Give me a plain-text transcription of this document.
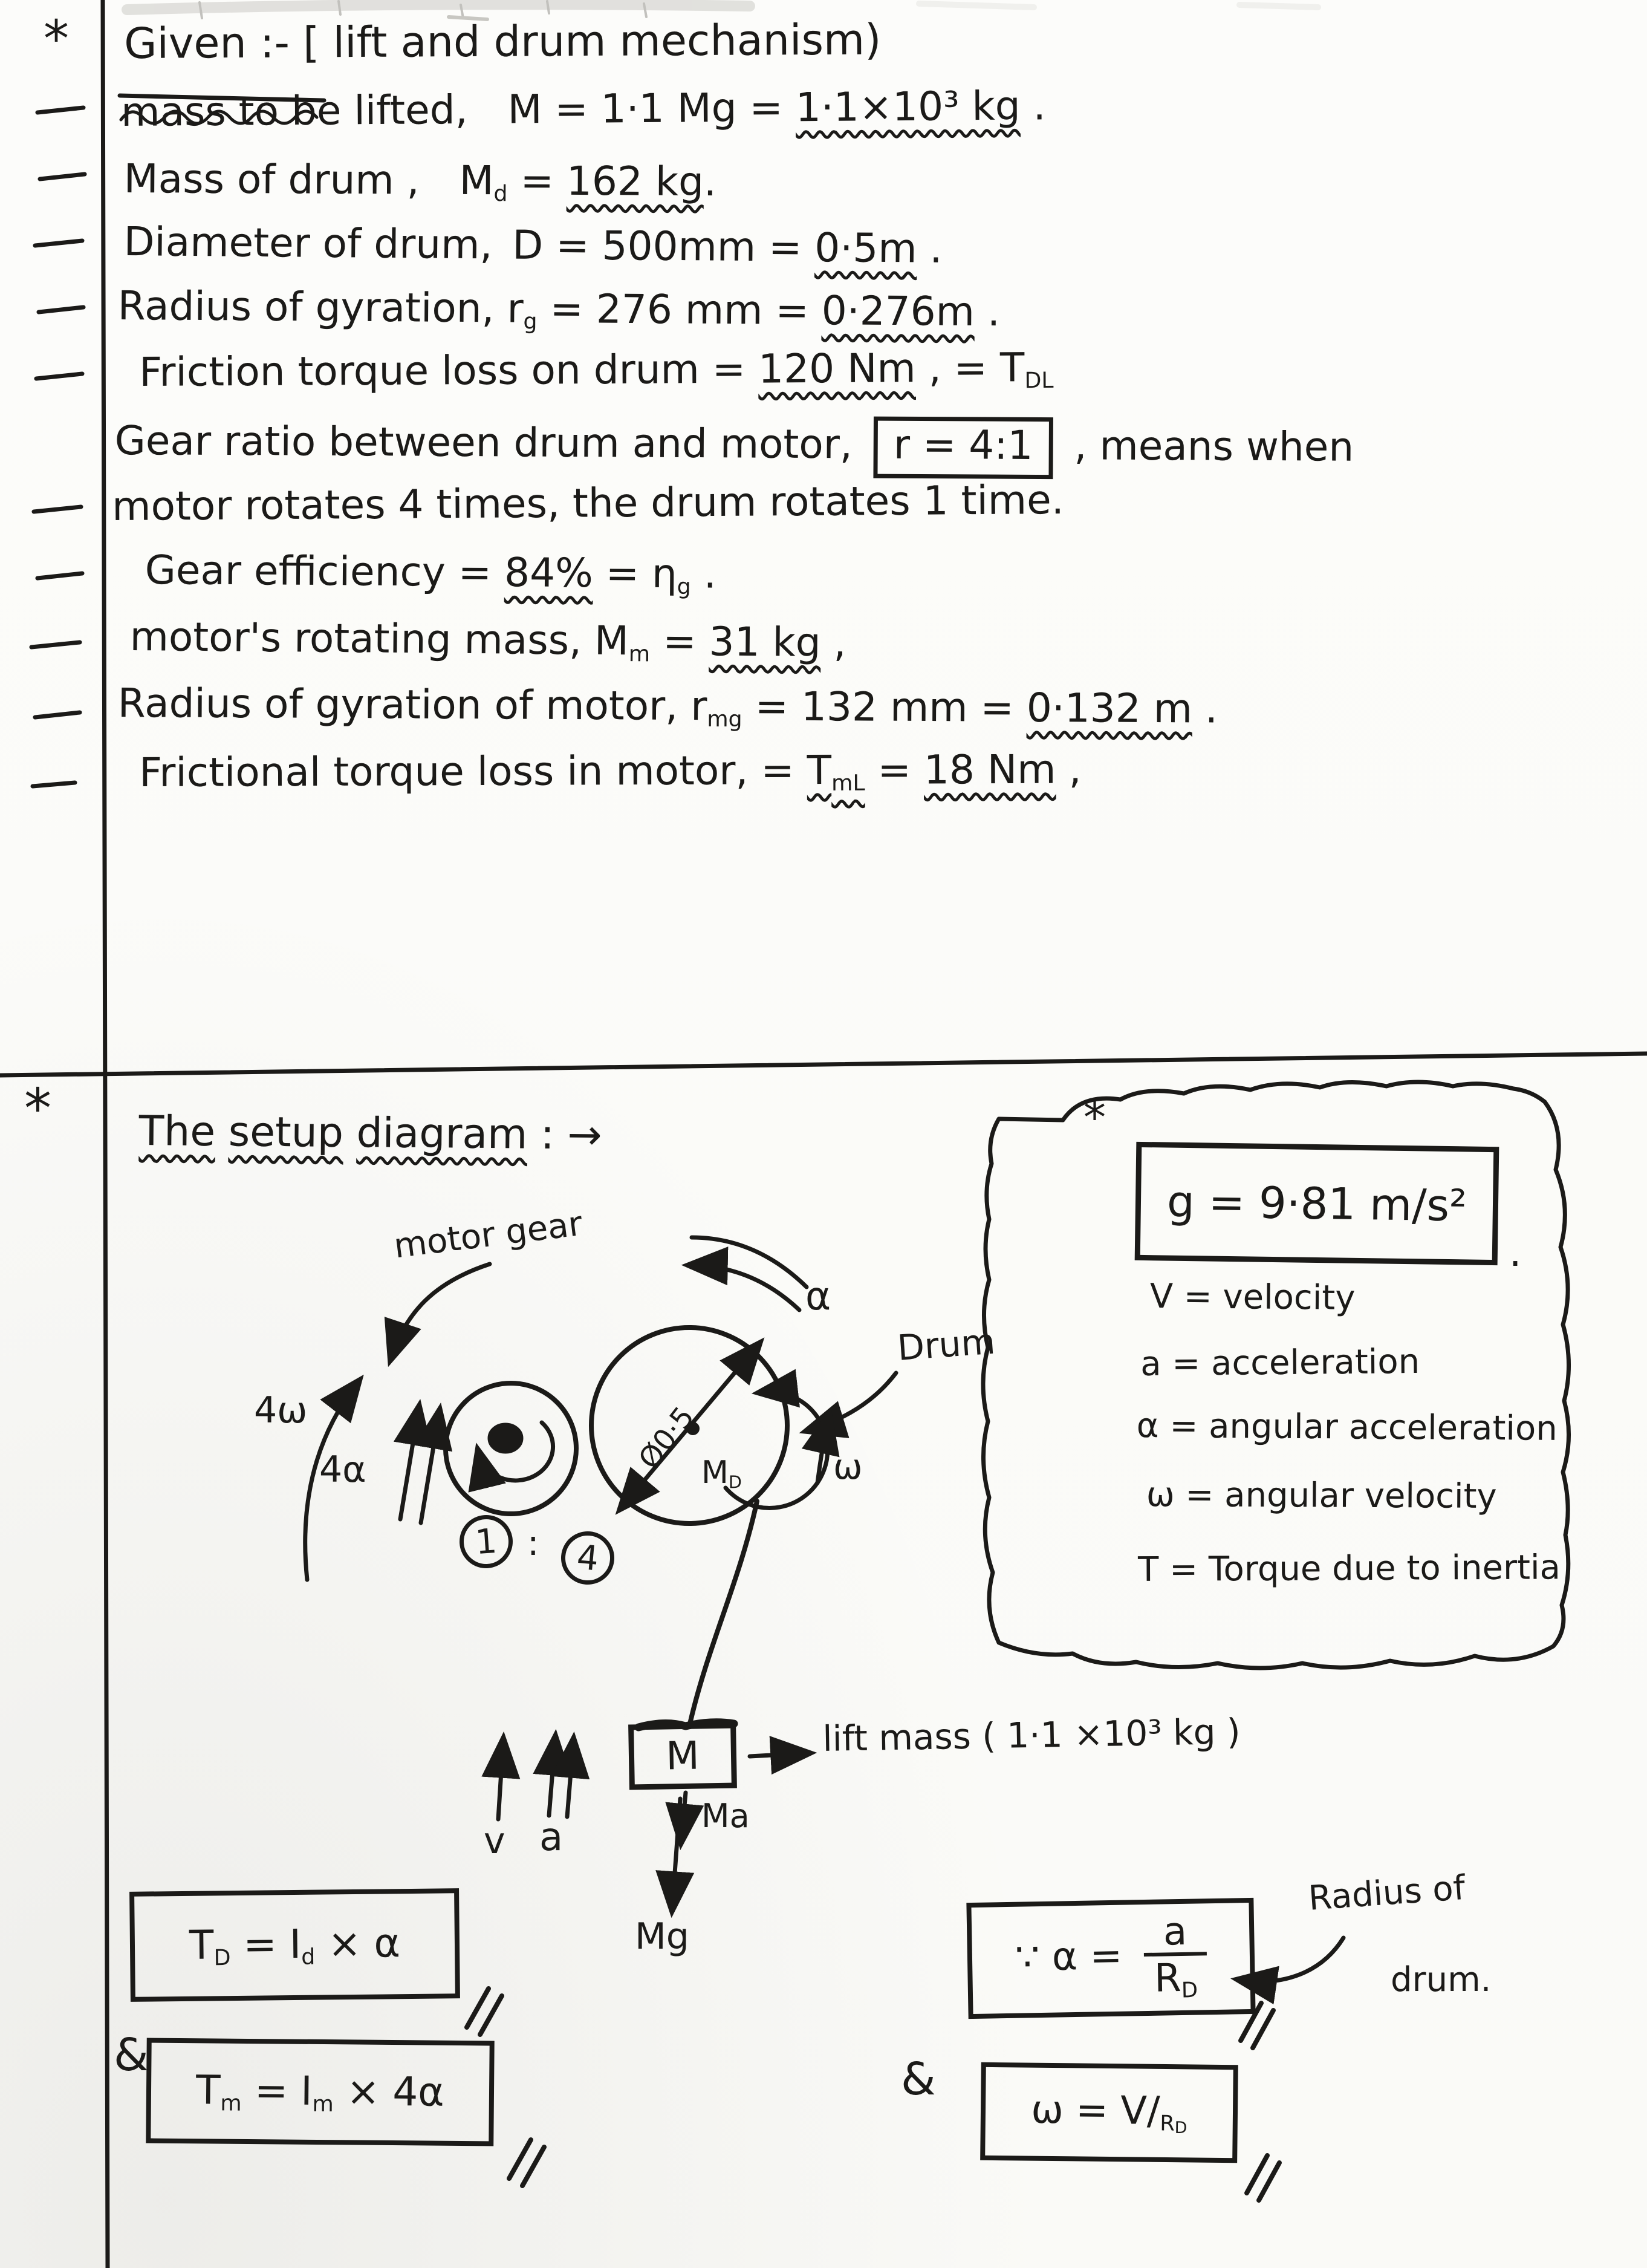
*
*
Given :- [ lift and drum mechanism)
mass to be lifted, M = 1·1 Mg = 1·1×10³ kg .
Mass of drum , $M_d = 162$ kg.
Diameter of drum, D = 500mm = 0·5m .
Radius of gyration, $r_g = 276$ mm = 0·276m .
Friction torque loss on drum = 120 Nm , = $T_{DL}$
Gear ratio between drum and motor, r = 4:1 , means when
motor rotates 4 times, the drum rotates 1 time.
Gear efficiency = $84\% = \eta_g$ .
motor's rotating mass, $M_m = 31$ kg ,
Radius of gyration of motor, $r_{mg} = 132$ mm = 0·132 m .
Frictional torque loss in motor, = $T_{mL} = 18$ Nm ,
The setup diagram : →
motor gear
α
Drum
4ω
4α	ω
Ø0·5 $M_D$
1 : 4
M
v a	Ma
Mg
lift mass ( 1·1 ×10³ kg )
*
g = 9·81 m/s²
.
V = velocity
a = acceleration
α = angular acceleration
ω = angular velocity
T = Torque due to inertia
$T_D = I_d \times \alpha$
&
$T_m = I_m \times 4\alpha$
∵ $\alpha = \frac{a}{R_D}$
Radius of
drum.
&
$\omega = V/_{RD}$
